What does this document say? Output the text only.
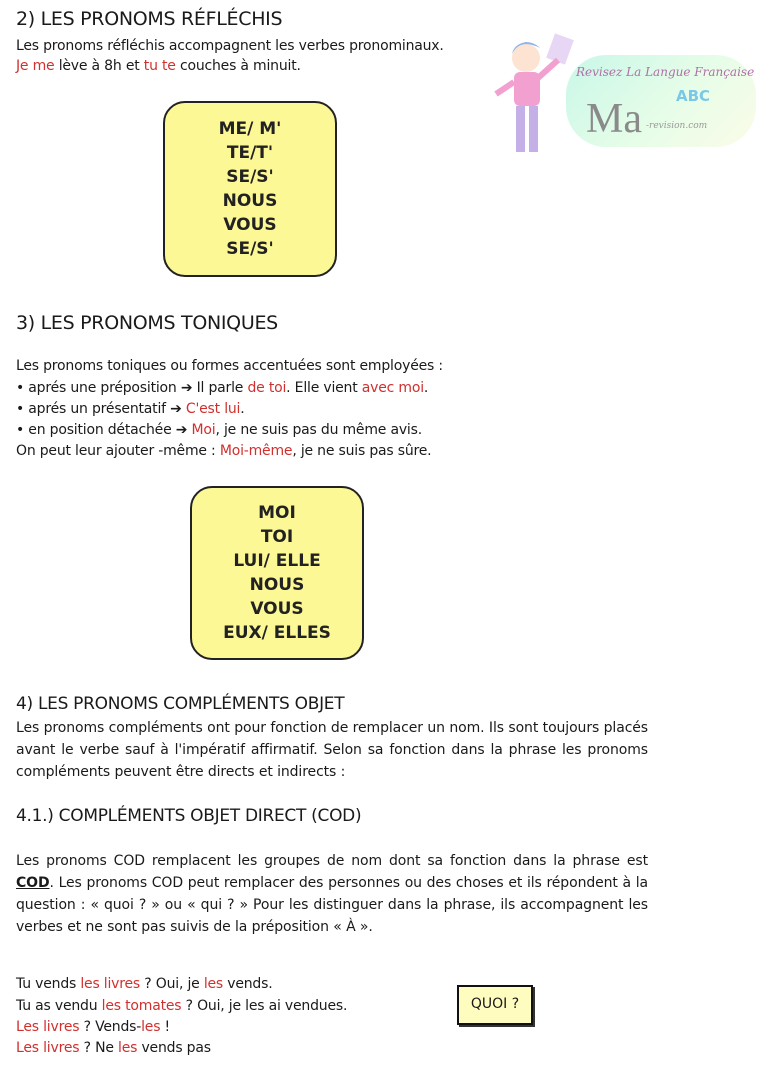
2) LES PRONOMS RÉFLÉCHIS
Les pronoms réfléchis accompagnent les verbes pronominaux.
Je me lève à 8h et tu te couches à minuit.	Revisez La Langue Française
Ma ABC
-revision.com
ME/ M'
TE/T'
SE/S'
NOUS
VOUS
SE/S'
3) LES PRONOMS TONIQUES
Les pronoms toniques ou formes accentuées sont employées :
• aprés une préposition ➔ Il parle de toi. Elle vient avec moi.
• aprés un présentatif ➔ C'est lui.
• en position détachée ➔ Moi, je ne suis pas du même avis.
On peut leur ajouter -même : Moi-même, je ne suis pas sûre.
MOI
TOI
LUI/ ELLE
NOUS
VOUS
EUX/ ELLES
4) LES PRONOMS COMPLÉMENTS OBJET
Les pronoms compléments ont pour fonction de remplacer un nom. Ils sont toujours placés avant le verbe sauf à l'impératif affirmatif. Selon sa fonction dans la phrase les pronoms compléments peuvent être directs et indirects :
4.1.) COMPLÉMENTS OBJET DIRECT (COD)
Les pronoms COD remplacent les groupes de nom dont sa fonction dans la phrase est COD. Les pronoms COD peut remplacer des personnes ou des choses et ils répondent à la question : « quoi ? » ou « qui ? » Pour les distinguer dans la phrase, ils accompagnent les verbes et ne sont pas suivis de la préposition « À ».
Tu vends les livres ? Oui, je les vends.
Tu as vendu les tomates ? Oui, je les ai vendues.
Les livres ? Vends-les !
Les livres ? Ne les vends pas
QUOI ?
